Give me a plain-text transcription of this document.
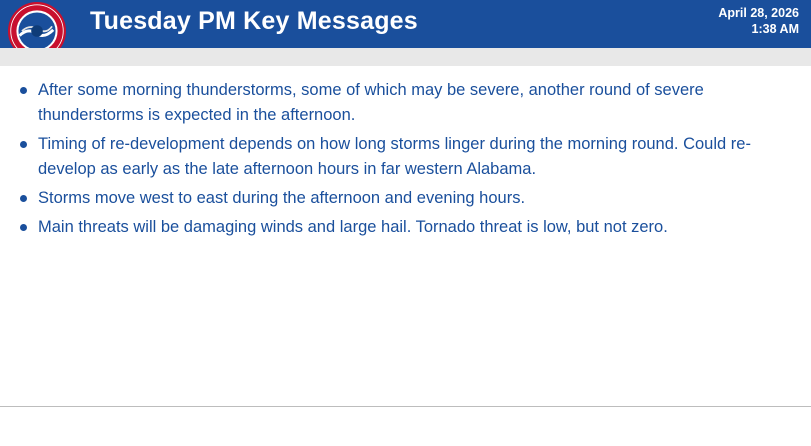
Tuesday PM Key Messages	April 28, 2026
1:38 AM
After some morning thunderstorms, some of which may be severe, another round of severe thunderstorms is expected in the afternoon.
Timing of re-development depends on how long storms linger during the morning round. Could re-develop as early as the late afternoon hours in far western Alabama.
Storms move west to east during the afternoon and evening hours.
Main threats will be damaging winds and large hail. Tornado threat is low, but not zero.
